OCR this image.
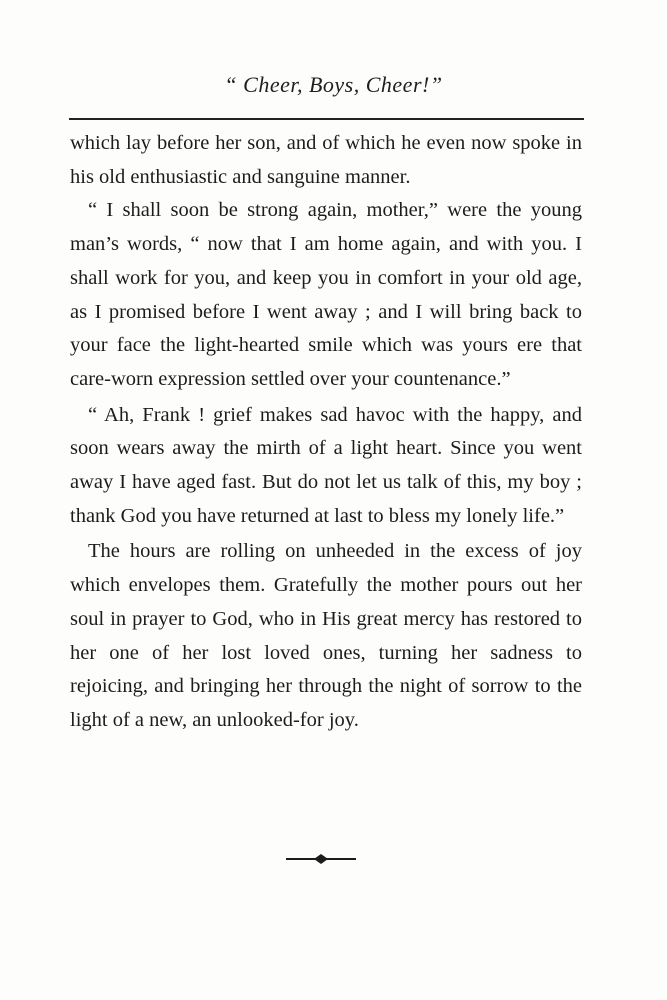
“ Cheer, Boys, Cheer!”

which lay before her son, and of which he even now spoke in his old enthusiastic and sanguine manner.

“ I shall soon be strong again, mother,” were the young man’s words, “ now that I am home again, and with you. I shall work for you, and keep you in comfort in your old age, as I promised before I went away ; and I will bring back to your face the light-hearted smile which was yours ere that care-worn expression settled over your countenance.”

“ Ah, Frank ! grief makes sad havoc with the happy, and soon wears away the mirth of a light heart. Since you went away I have aged fast. But do not let us talk of this, my boy ; thank God you have returned at last to bless my lonely life.”

The hours are rolling on unheeded in the excess of joy which envelopes them. Gratefully the mother pours out her soul in prayer to God, who in His great mercy has restored to her one of her lost loved ones, turning her sadness to rejoicing, and bringing her through the night of sorrow to the light of a new, an unlooked-for joy.
